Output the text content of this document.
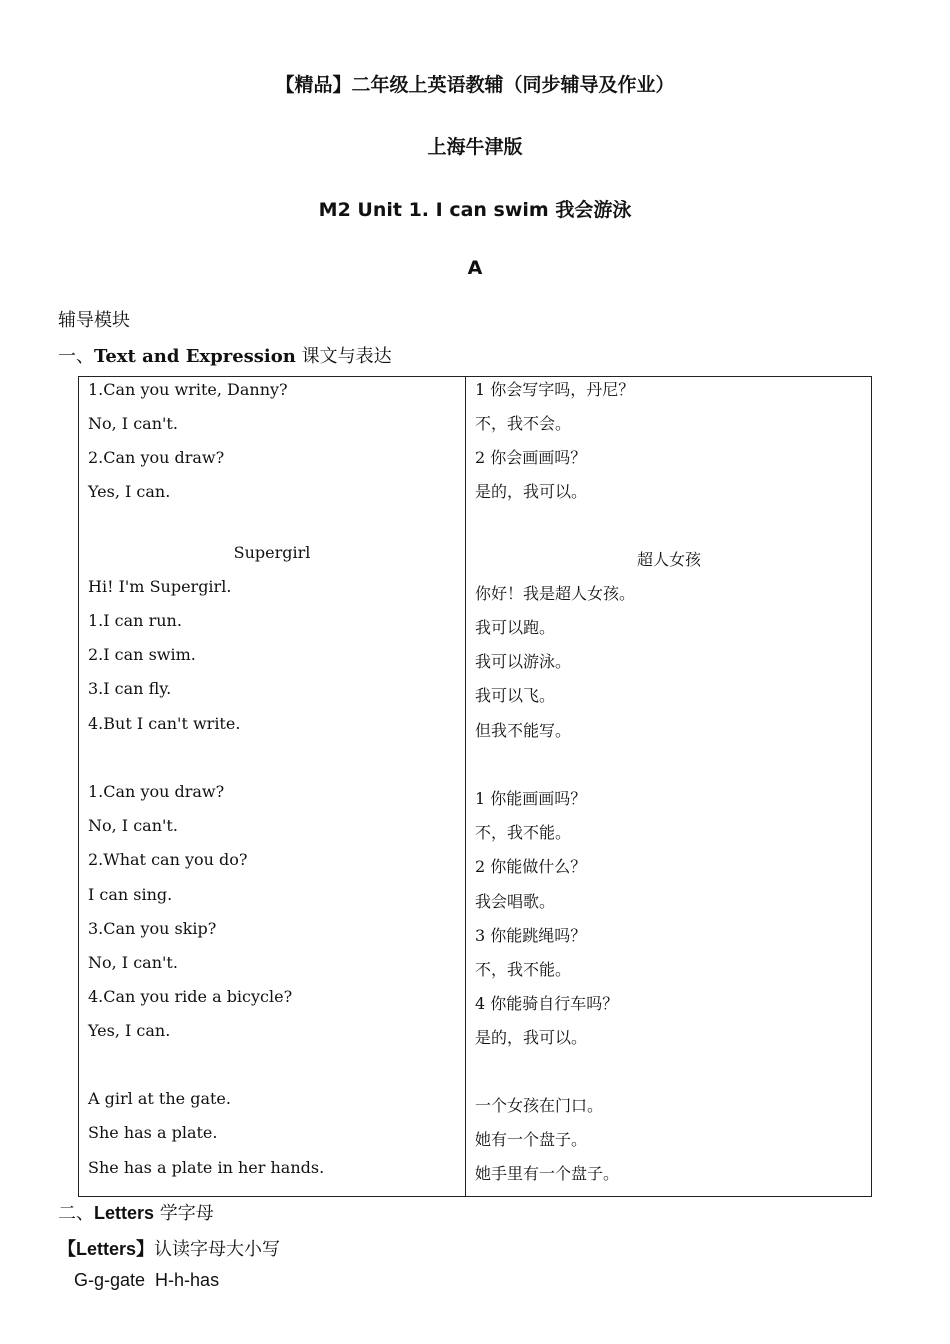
【精品】二年级上英语教辅（同步辅导及作业）
上海牛津版
M2 Unit 1. I can swim 我会游泳
A

辅导模块

一、Text and Expression 课文与表达

1.Can you write, Danny?
No, I can't.
2.Can you draw?
Yes, I can.
1 你会写字吗，丹尼？
不，我不会。
2 你会画画吗？
是的，我可以。
Supergirl	超人女孩
Hi! I'm Supergirl.
1.I can run.
2.I can swim.
3.I can fly.
4.But I can't write.
你好！我是超人女孩。
我可以跑。
我可以游泳。
我可以飞。
但我不能写。
1.Can you draw?
No, I can't.
2.What can you do?
I can sing.
3.Can you skip?
No, I can't.
4.Can you ride a bicycle?
Yes, I can.
1 你能画画吗？
不，我不能。
2 你能做什么？
我会唱歌。
3 你能跳绳吗？
不，我不能。
4 你能骑自行车吗？
是的，我可以。
A girl at the gate.
She has a plate.
She has a plate in her hands.
一个女孩在门口。
她有一个盘子。
她手里有一个盘子。

二、Letters 学字母

【Letters】认读字母大小写

G-g-gate H-h-has
